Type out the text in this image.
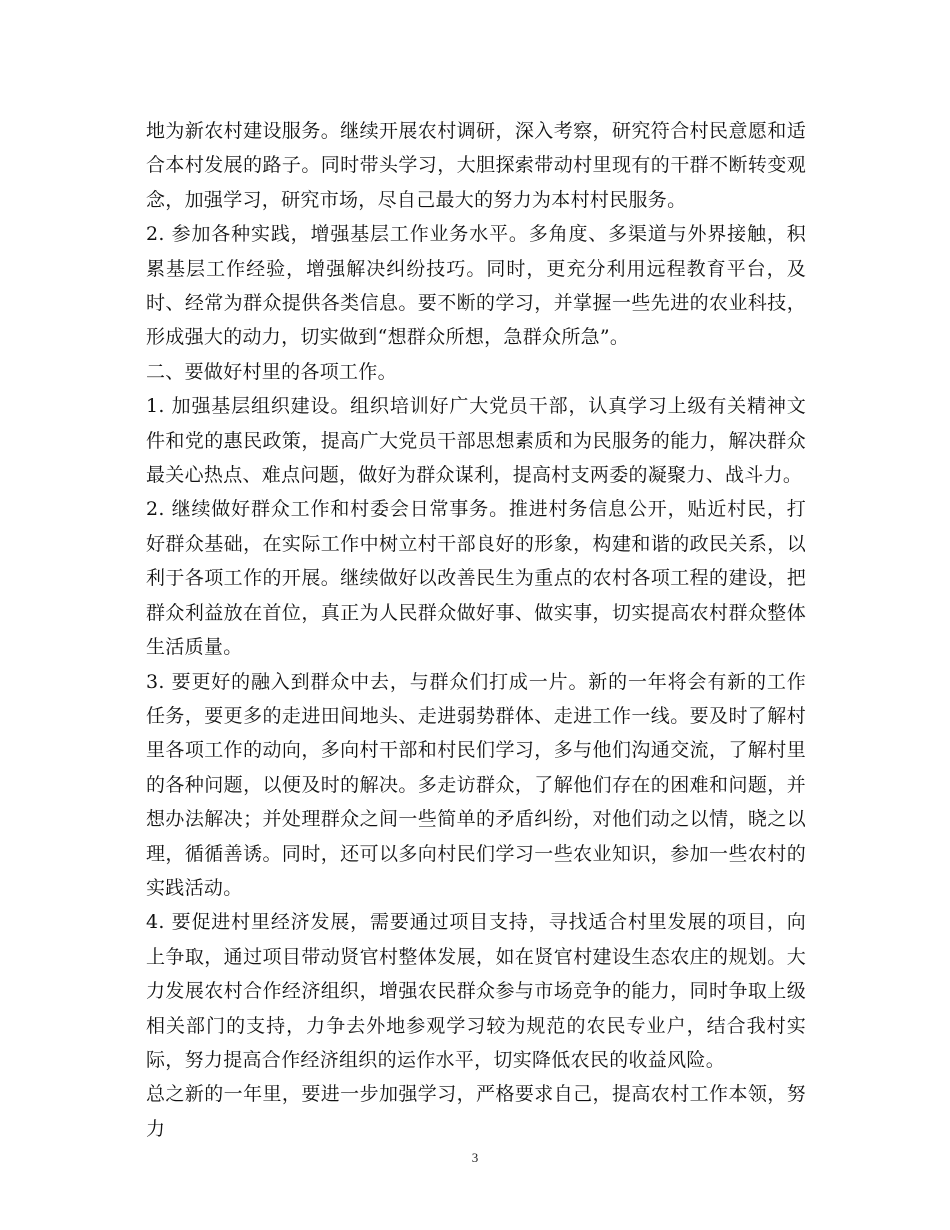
地为新农村建设服务。继续开展农村调研，深入考察，研究符合村民意愿和适合本村发展的路子。同时带头学习，大胆探索带动村里现有的干群不断转变观念，加强学习，研究市场，尽自己最大的努力为本村村民服务。

2. 参加各种实践，增强基层工作业务水平。多角度、多渠道与外界接触，积累基层工作经验，增强解决纠纷技巧。同时，更充分利用远程教育平台，及时、经常为群众提供各类信息。要不断的学习，并掌握一些先进的农业科技，形成强大的动力，切实做到“想群众所想，急群众所急”。

二、要做好村里的各项工作。

1. 加强基层组织建设。组织培训好广大党员干部，认真学习上级有关精神文件和党的惠民政策，提高广大党员干部思想素质和为民服务的能力，解决群众最关心热点、难点问题，做好为群众谋利，提高村支两委的凝聚力、战斗力。

2. 继续做好群众工作和村委会日常事务。推进村务信息公开，贴近村民，打好群众基础，在实际工作中树立村干部良好的形象，构建和谐的政民关系，以利于各项工作的开展。继续做好以改善民生为重点的农村各项工程的建设，把群众利益放在首位，真正为人民群众做好事、做实事，切实提高农村群众整体生活质量。

3. 要更好的融入到群众中去，与群众们打成一片。新的一年将会有新的工作任务，要更多的走进田间地头、走进弱势群体、走进工作一线。要及时了解村里各项工作的动向，多向村干部和村民们学习，多与他们沟通交流，了解村里的各种问题，以便及时的解决。多走访群众，了解他们存在的困难和问题，并想办法解决；并处理群众之间一些简单的矛盾纠纷，对他们动之以情，晓之以理，循循善诱。同时，还可以多向村民们学习一些农业知识，参加一些农村的实践活动。

4. 要促进村里经济发展，需要通过项目支持，寻找适合村里发展的项目，向上争取，通过项目带动贤官村整体发展，如在贤官村建设生态农庄的规划。大力发展农村合作经济组织，增强农民群众参与市场竞争的能力，同时争取上级相关部门的支持，力争去外地参观学习较为规范的农民专业户，结合我村实际，努力提高合作经济组织的运作水平，切实降低农民的收益风险。

总之新的一年里，要进一步加强学习，严格要求自己，提高农村工作本领，努力

3
